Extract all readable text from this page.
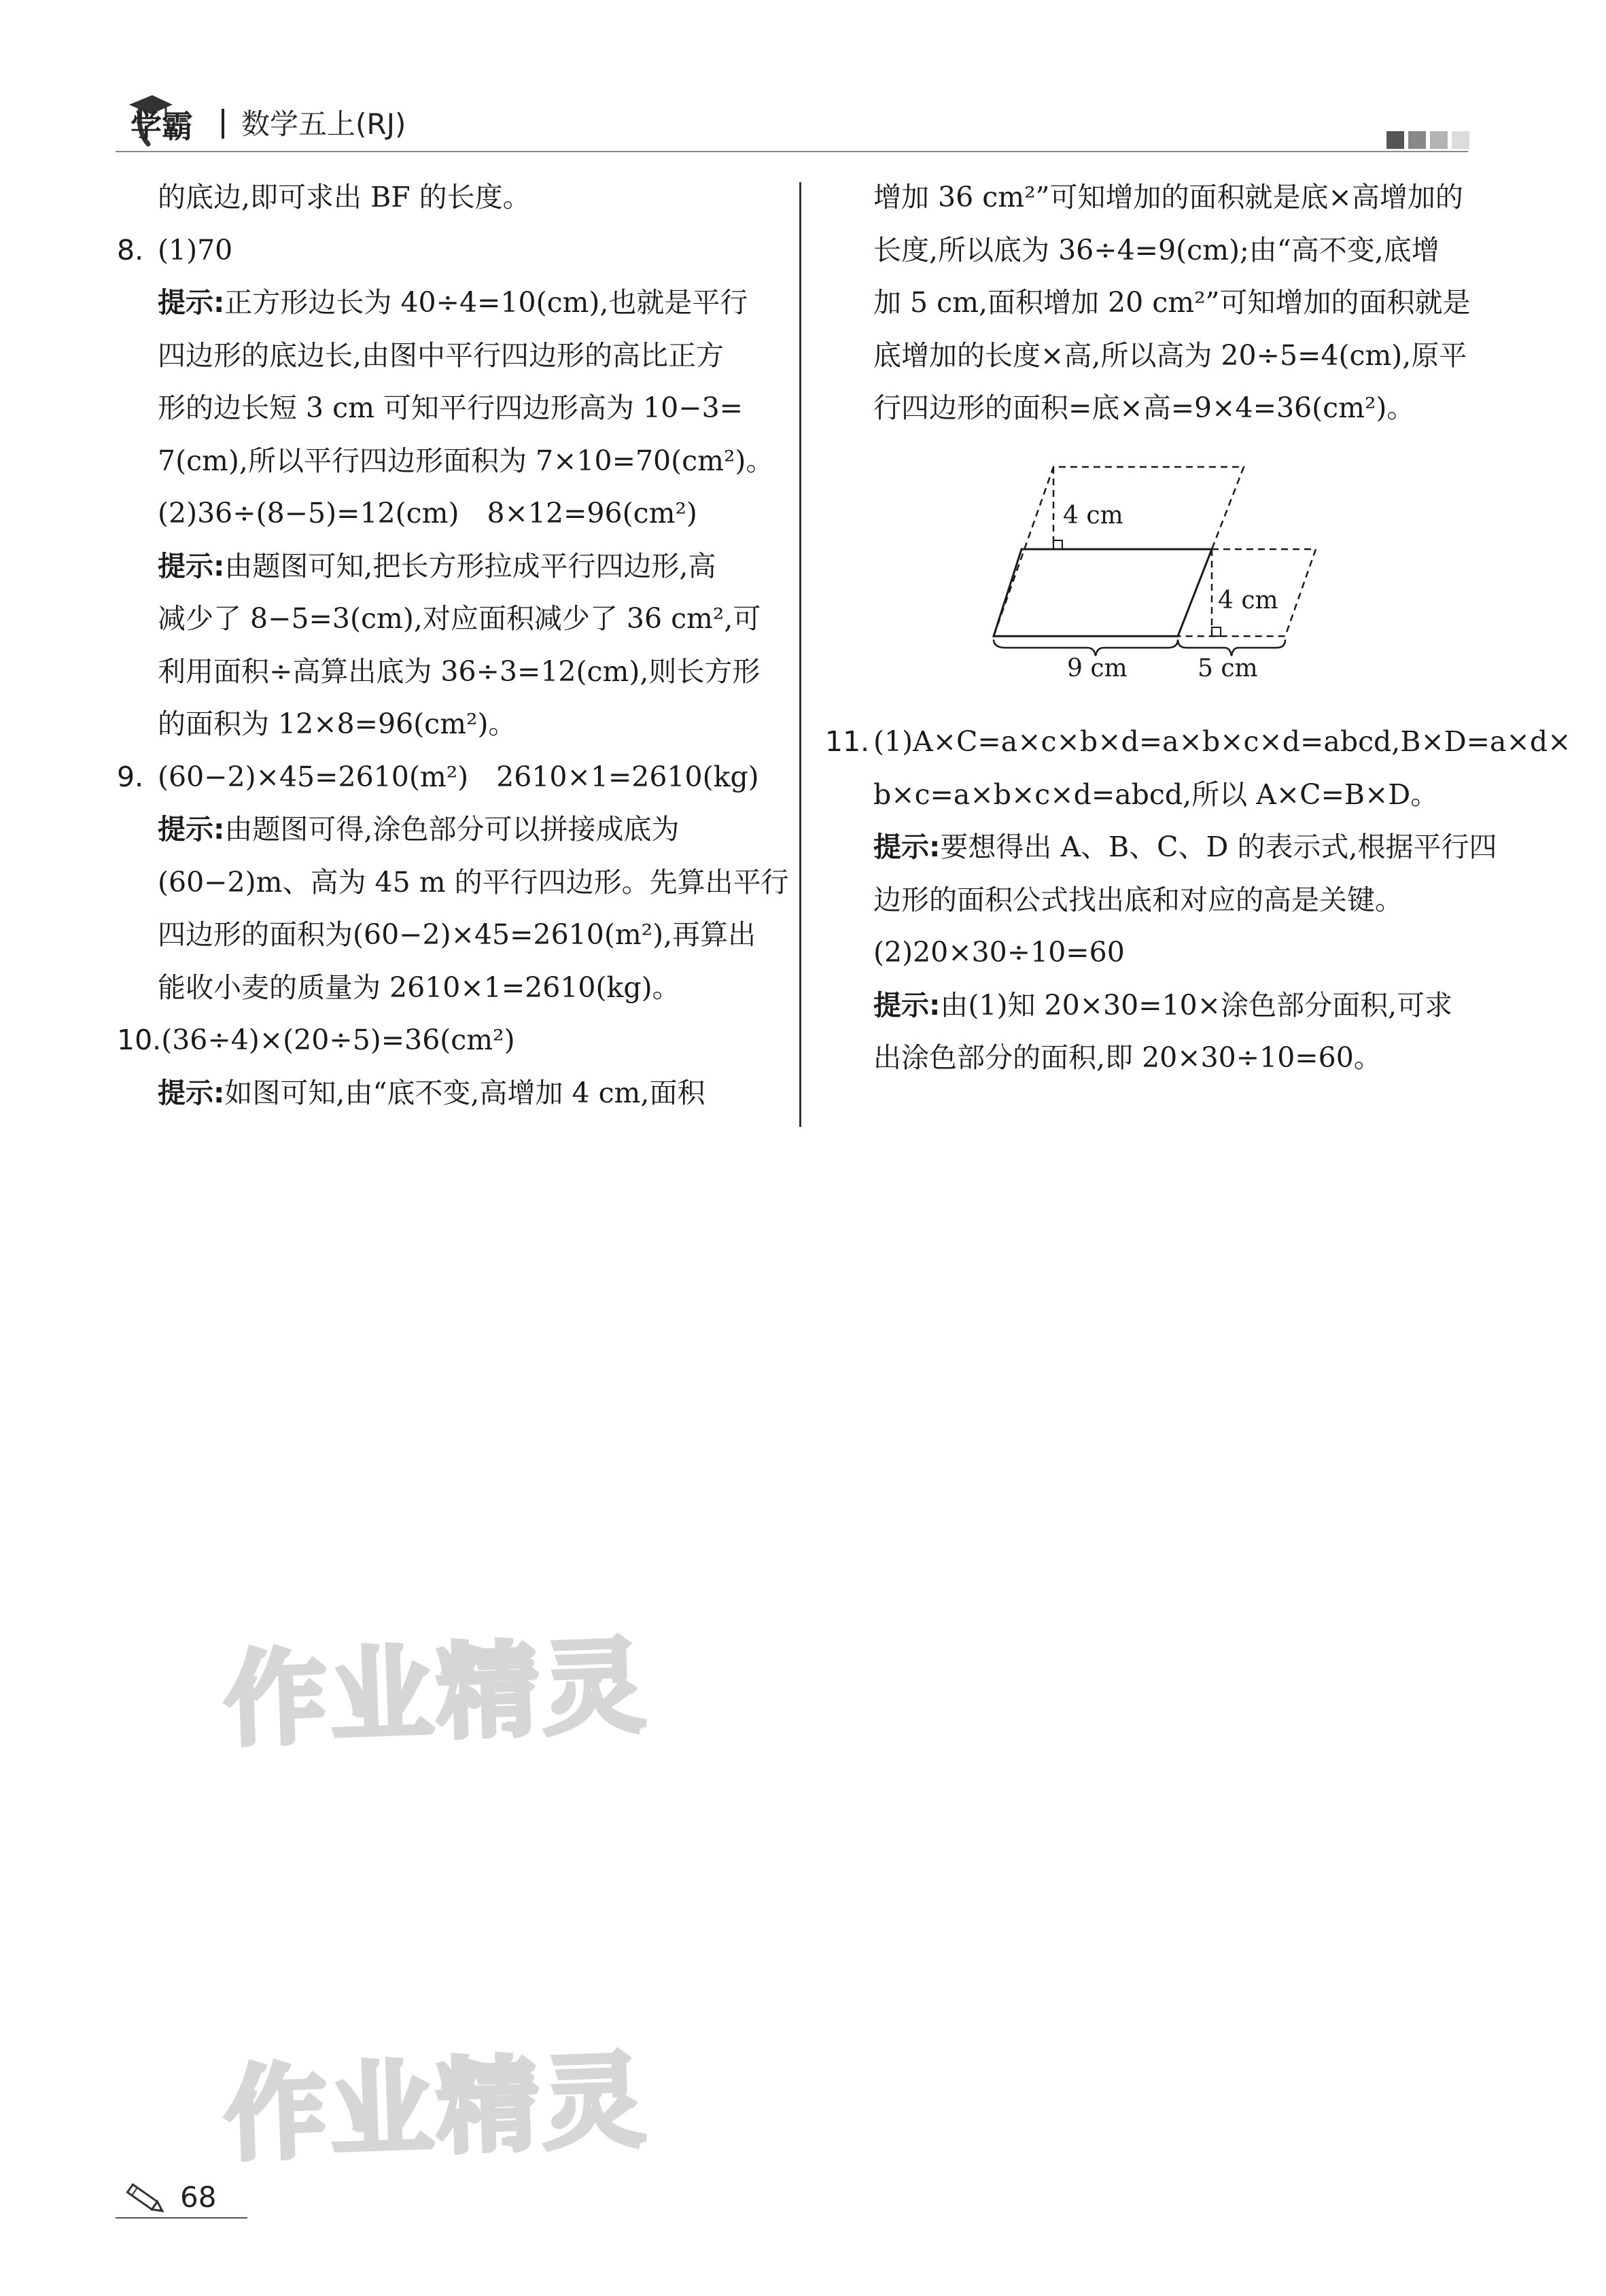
学霸 数学五上(RJ)
的底边,即可求出 BF 的长度。
8. (1)70
提示:正方形边长为 40÷4=10(cm),也就是平行
四边形的底边长,由图中平行四边形的高比正方
形的边长短 3 cm 可知平行四边形高为 10−3=
7(cm),所以平行四边形面积为 7×10=70(cm²)。
(2)36÷(8−5)=12(cm)　8×12=96(cm²)
提示:由题图可知,把长方形拉成平行四边形,高
减少了 8−5=3(cm),对应面积减少了 36 cm²,可
利用面积÷高算出底为 36÷3=12(cm),则长方形
的面积为 12×8=96(cm²)。
9. (60−2)×45=2610(m²)　2610×1=2610(kg)
提示:由题图可得,涂色部分可以拼接成底为
(60−2)m、高为 45 m 的平行四边形。先算出平行
四边形的面积为(60−2)×45=2610(m²),再算出
能收小麦的质量为 2610×1=2610(kg)。
10.(36÷4)×(20÷5)=36(cm²)
提示:如图可知,由“底不变,高增加 4 cm,面积
增加 36 cm²”可知增加的面积就是底×高增加的
长度,所以底为 36÷4=9(cm);由“高不变,底增
加 5 cm,面积增加 20 cm²”可知增加的面积就是
底增加的长度×高,所以高为 20÷5=4(cm),原平
行四边形的面积=底×高=9×4=36(cm²)。
4 cm
4 cm
9 cm	5 cm
11. (1)A×C=a×c×b×d=a×b×c×d=abcd,B×D=a×d×
b×c=a×b×c×d=abcd,所以 A×C=B×D。
提示:要想得出 A、B、C、D 的表示式,根据平行四
边形的面积公式找出底和对应的高是关键。
(2)20×30÷10=60
提示:由(1)知 20×30=10×涂色部分面积,可求
出涂色部分的面积,即 20×30÷10=60。
作业精灵
作业精灵
68
